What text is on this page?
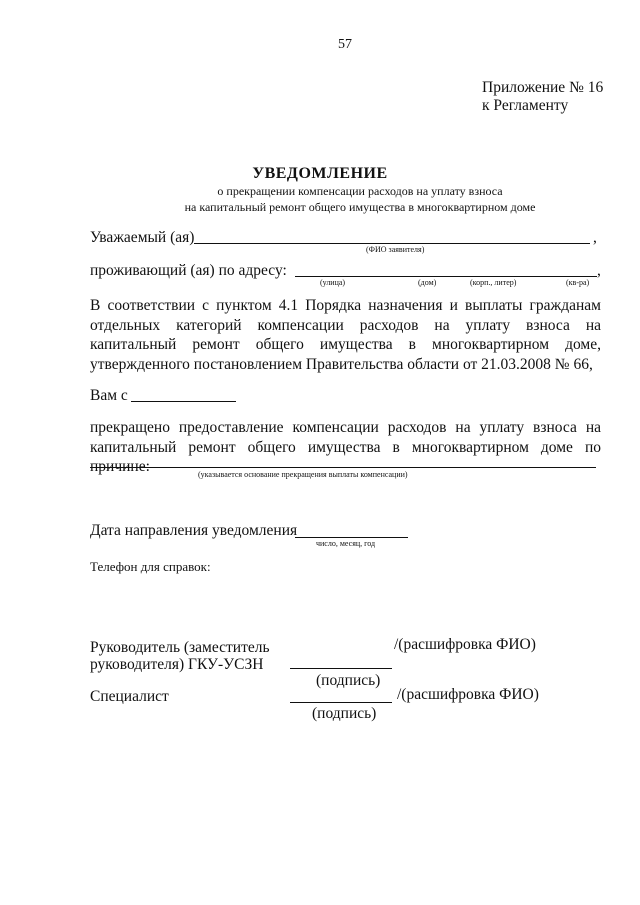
57
Приложение № 16
к Регламенту
УВЕДОМЛЕНИЕ
о прекращении компенсации расходов на уплату взноса
на капитальный ремонт общего имущества в многоквартирном доме
Уважаемый (ая)	,
(ФИО заявителя)
проживающий (ая) по адресу:	,
(улица)	(дом)	(корп., литер)	(кв-ра)
В соответствии с пунктом 4.1 Порядка назначения и выплаты гражданам отдельных категорий компенсации расходов на уплату взноса на капитальный ремонт общего имущества в многоквартирном доме, утвержденного постановлением Правительства области от 21.03.2008 № 66,
Вам с
прекращено предоставление компенсации расходов на уплату взноса на капитальный ремонт общего имущества в многоквартирном доме по причине:	(указывается основание прекращения выплаты компенсации)
Дата направления уведомления
число, месяц, год
Телефон для справок:
Руководитель (заместитель
руководителя) ГКУ-УСЗН
/(расшифровка ФИО)
(подпись)
Специалист	/(расшифровка ФИО)
(подпись)
